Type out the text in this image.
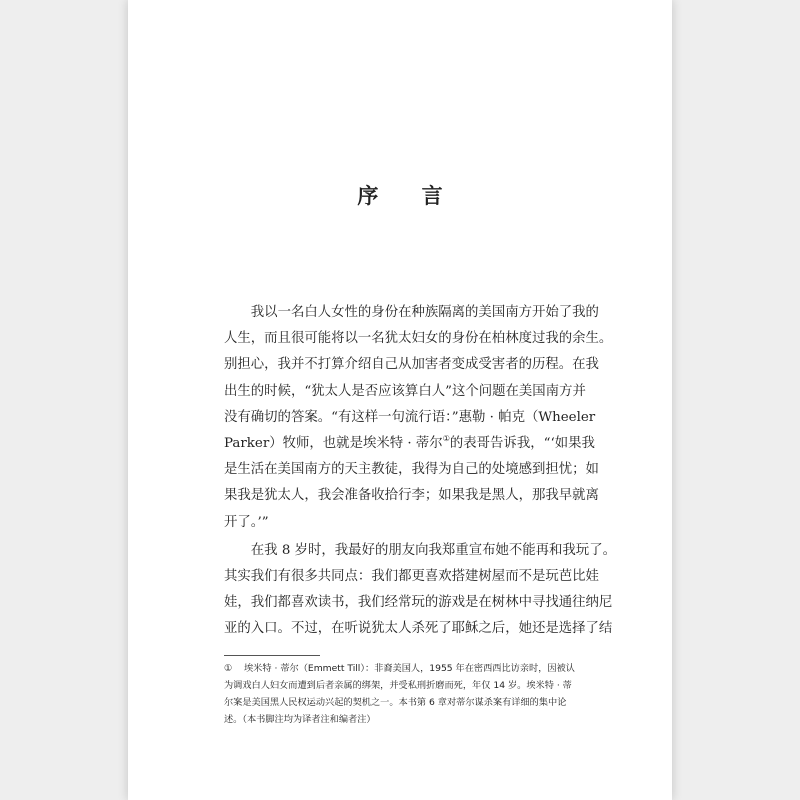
序 言
我以一名白人女性的身份在种族隔离的美国南方开始了我的
人生，而且很可能将以一名犹太妇女的身份在柏林度过我的余生。
别担心，我并不打算介绍自己从加害者变成受害者的历程。在我
出生的时候，“犹太人是否应该算白人”这个问题在美国南方并
没有确切的答案。“有这样一句流行语：”惠勒 · 帕克（Wheeler
Parker）牧师，也就是埃米特 · 蒂尔①的表哥告诉我，“‘如果我
是生活在美国南方的天主教徒，我得为自己的处境感到担忧；如
果我是犹太人，我会准备收拾行李；如果我是黑人，那我早就离
开了。’”
在我 8 岁时，我最好的朋友向我郑重宣布她不能再和我玩了。
其实我们有很多共同点：我们都更喜欢搭建树屋而不是玩芭比娃
娃，我们都喜欢读书，我们经常玩的游戏是在树林中寻找通往纳尼
亚的入口。不过，在听说犹太人杀死了耶稣之后，她还是选择了结
① 埃米特 · 蒂尔（Emmett Till）：非裔美国人，1955 年在密西西比访亲时，因被认
为调戏白人妇女而遭到后者亲属的绑架，并受私刑折磨而死，年仅 14 岁。埃米特 · 蒂
尔案是美国黑人民权运动兴起的契机之一。本书第 6 章对蒂尔谋杀案有详细的集中论
述。（本书脚注均为译者注和编者注）
